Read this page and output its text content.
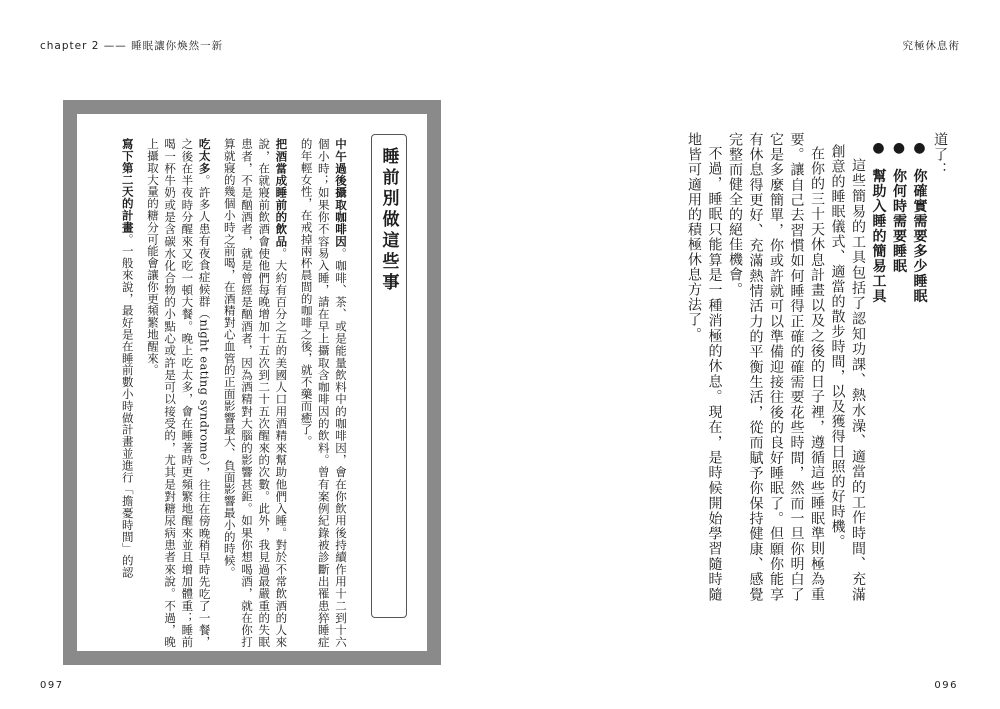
chapter 2 —— 睡眠讓你煥然一新	究極休息術
睡前別做這些事

中午過後攝取咖啡因。咖啡、茶、或是能量飲料中的咖啡因，會在你飲用後持續作用十二到十六個小時；如果你不容易入睡，請在早上攝取含咖啡因的飲料。曾有案例紀錄被診斷出罹患猝睡症的年輕女性，在戒掉兩杯晨間的咖啡之後，就不藥而癒了。

把酒當成睡前的飲品。大約有百分之五的美國人口用酒精來幫助他們入睡。對於不常飲酒的人來說，在就寢前飲酒會使他們每晚增加十五次到二十五次醒來的次數。此外，我見過最嚴重的失眠患者，不是酗酒者，就是曾經是酗酒者，因為酒精對大腦的影響甚鉅。如果你想喝酒，就在你打算就寢的幾個小時之前喝，在酒精對心血管的正面影響最大、負面影響最小的時候。

吃太多。許多人患有夜食症候群（night eating syndrome），往往在傍晚稍早時先吃了一餐，之後在半夜時分醒來又吃一頓大餐。晚上吃太多，會在睡著時更頻繁地醒來並且增加體重；睡前喝一杯牛奶或是含碳水化合物的小點心或許是可以接受的，尤其是對糖尿病患者來說。不過，晚上攝取大量的糖分可能會讓你更頻繁地醒來。

寫下第二天的計畫。一般來說，最好是在睡前數小時做計畫並進行「擔憂時間」的認

道了：

● 你確實需要多少睡眠

● 你何時需要睡眠

● 幫助入睡的簡易工具

這些簡易的工具包括了認知功課、熱水澡、適當的工作時間、充滿創意的睡眠儀式、適當的散步時間，以及獲得日照的好時機。

在你的三十天休息計畫以及之後的日子裡，遵循這些睡眠準則極為重要。讓自己去習慣如何睡得正確的確需要花些時間，然而一旦你明白了它是多麼簡單，你或許就可以準備迎接往後的良好睡眠了。但願你能享有休息得更好、充滿熱情活力的平衡生活，從而賦予你保持健康、感覺完整而健全的絕佳機會。

不過，睡眠只能算是一種消極的休息。現在，是時候開始學習隨時隨地皆可適用的積極休息方法了。

097	096
